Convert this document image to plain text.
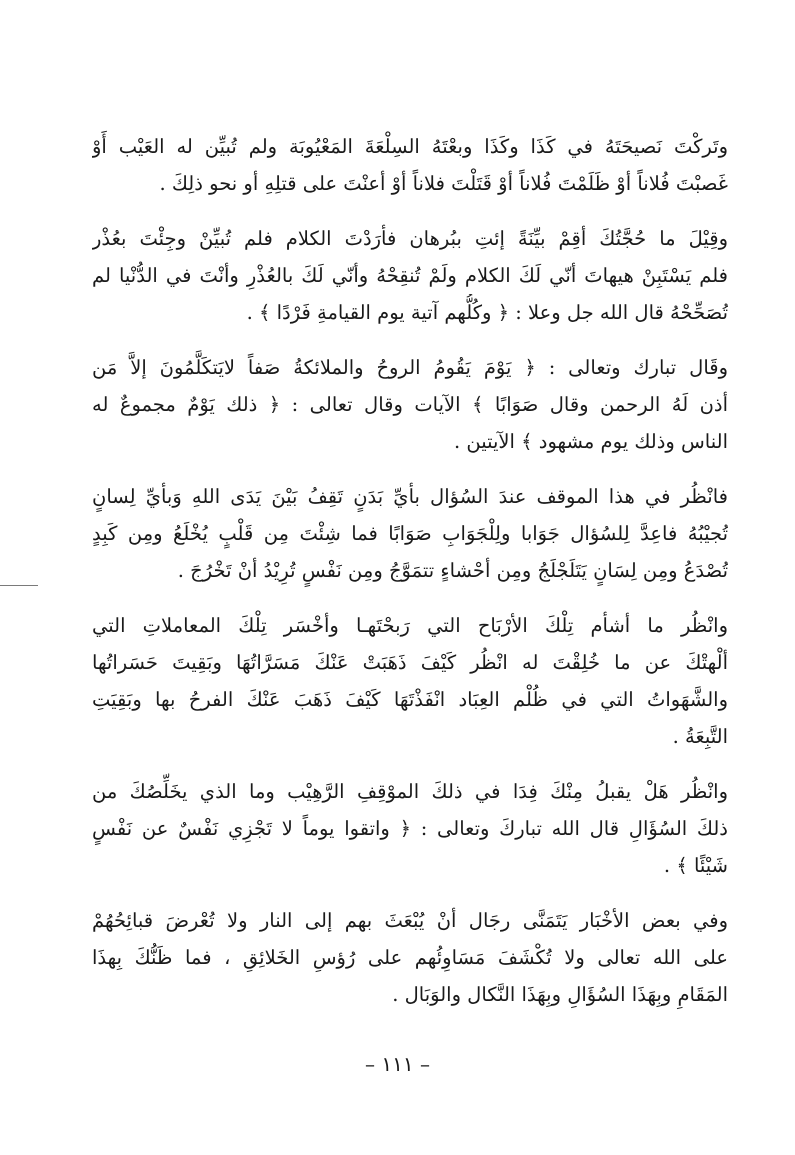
وتَركْتَ نَصيحَتَهُ في كَذَا وكَذَا وبعْتَهُ السِلْعَةَ المَعْيُوبَة ولم تُبيِّن له العَيْب أَوْ
غَصبْتَ فُلاناً أوْ ظَلَمْتَ فُلاناً أوْ قَتَلْتَ فلاناً أوْ أعنْتَ على قتلِهِ أو نحو ذلِكَ .
وقِيْلَ ما حُجَّتُكَ أقِمْ بيِّنَةً إئتِ ببُرهان فأرَدْتَ الكلام فلم تُبيِّنْ وجِئْتَ بعُذْر
فلم يَسْتَبِنْ هيهاتَ أنّي لَكَ الكلام ولَمْ تُنقِحْهُ وأنّي لَكَ بالعُذْرِ وأنْتَ في الدُّنْيا لم
تُصَحِّحْهُ قال الله جل وعلا : ﴿ وكُلُّهم آتية يوم القيامةِ فَرْدًا ﴾ .
وقَال تبارك وتعالى : ﴿ يَوْمَ يَقُومُ الروحُ والملائكةُ صَفاً لايَتكَلَّمُونَ إلاَّ مَن
أذن لَهُ الرحمن وقال صَوَابًا ﴾ الآيات وقال تعالى : ﴿ ذلك يَوْمٌ مجموعٌ له
الناس وذلك يوم مشهود ﴾ الآيتين .
فانْظُر في هذا الموقف عندَ السُؤال بأيِّ بَدَنٍ تَقِفُ بَيْنَ يَدَى اللهِ وَبأيِّ لِسانٍ
تُجيْبُهُ فاعِدَّ لِلسُؤال جَوَابا ولِلْجَوَابِ صَوَابًا فما شِئْتَ مِن قَلْبٍ يُخْلَعُ ومِن كَبِدٍ
تُصْدَعُ ومِن لِسَانٍ يَتَلَجْلَجُ ومِن أحْشاءٍ تتمَوَّجُ ومِن نَفْسٍ تُرِيْدُ أنْ تَخْرُجَ .
وانْظُر ما أشأم تِلْكَ الأرْبَاح التي رَبحْتَهـا وأخْسَر تِلْكَ المعاملاتِ التي
ألْهتْكَ عن ما خُلِقْتَ له انْظُر كَيْفَ ذَهَبَتْ عَنْكَ مَسَرَّاتُهَا وبَقِيتَ حَسَراتُها
والشَّهَواتُ التي في ظُلْم العِبَاد انْفَذْتَهَا كَيْفَ ذَهَبَ عَنْكَ الفرحُ بها وبَقِيَتِ
التَّبِعَةُ .
وانْظُر هَلْ يقبلُ مِنْكَ فِدَا في ذلكَ الموْقِفِ الرَّهِيْب وما الذي يخَلِّصُكَ من
ذلكَ السُؤَالِ قال الله تباركَ وتعالى : ﴿ واتقوا يوماً لا تَجْزِي نَفْسٌ عن نَفْسٍ
شَيْئًا ﴾ .
وفي بعض الأخْبَار يَتَمَنَّى رجَال أنْ يُبْعَثَ بهم إلى النار ولا تُعْرضَ قبائِحُهُمْ
على الله تعالى ولا تُكْشَفَ مَسَاوِئُهم على رُؤسِ الخَلائِقِ ، فما ظَنُّكَ بِهذَا
المَقَامِ وبِهَذَا السُؤَالِ وبِهَذَا النَّكال والوَبَال .
– ١١١ –
